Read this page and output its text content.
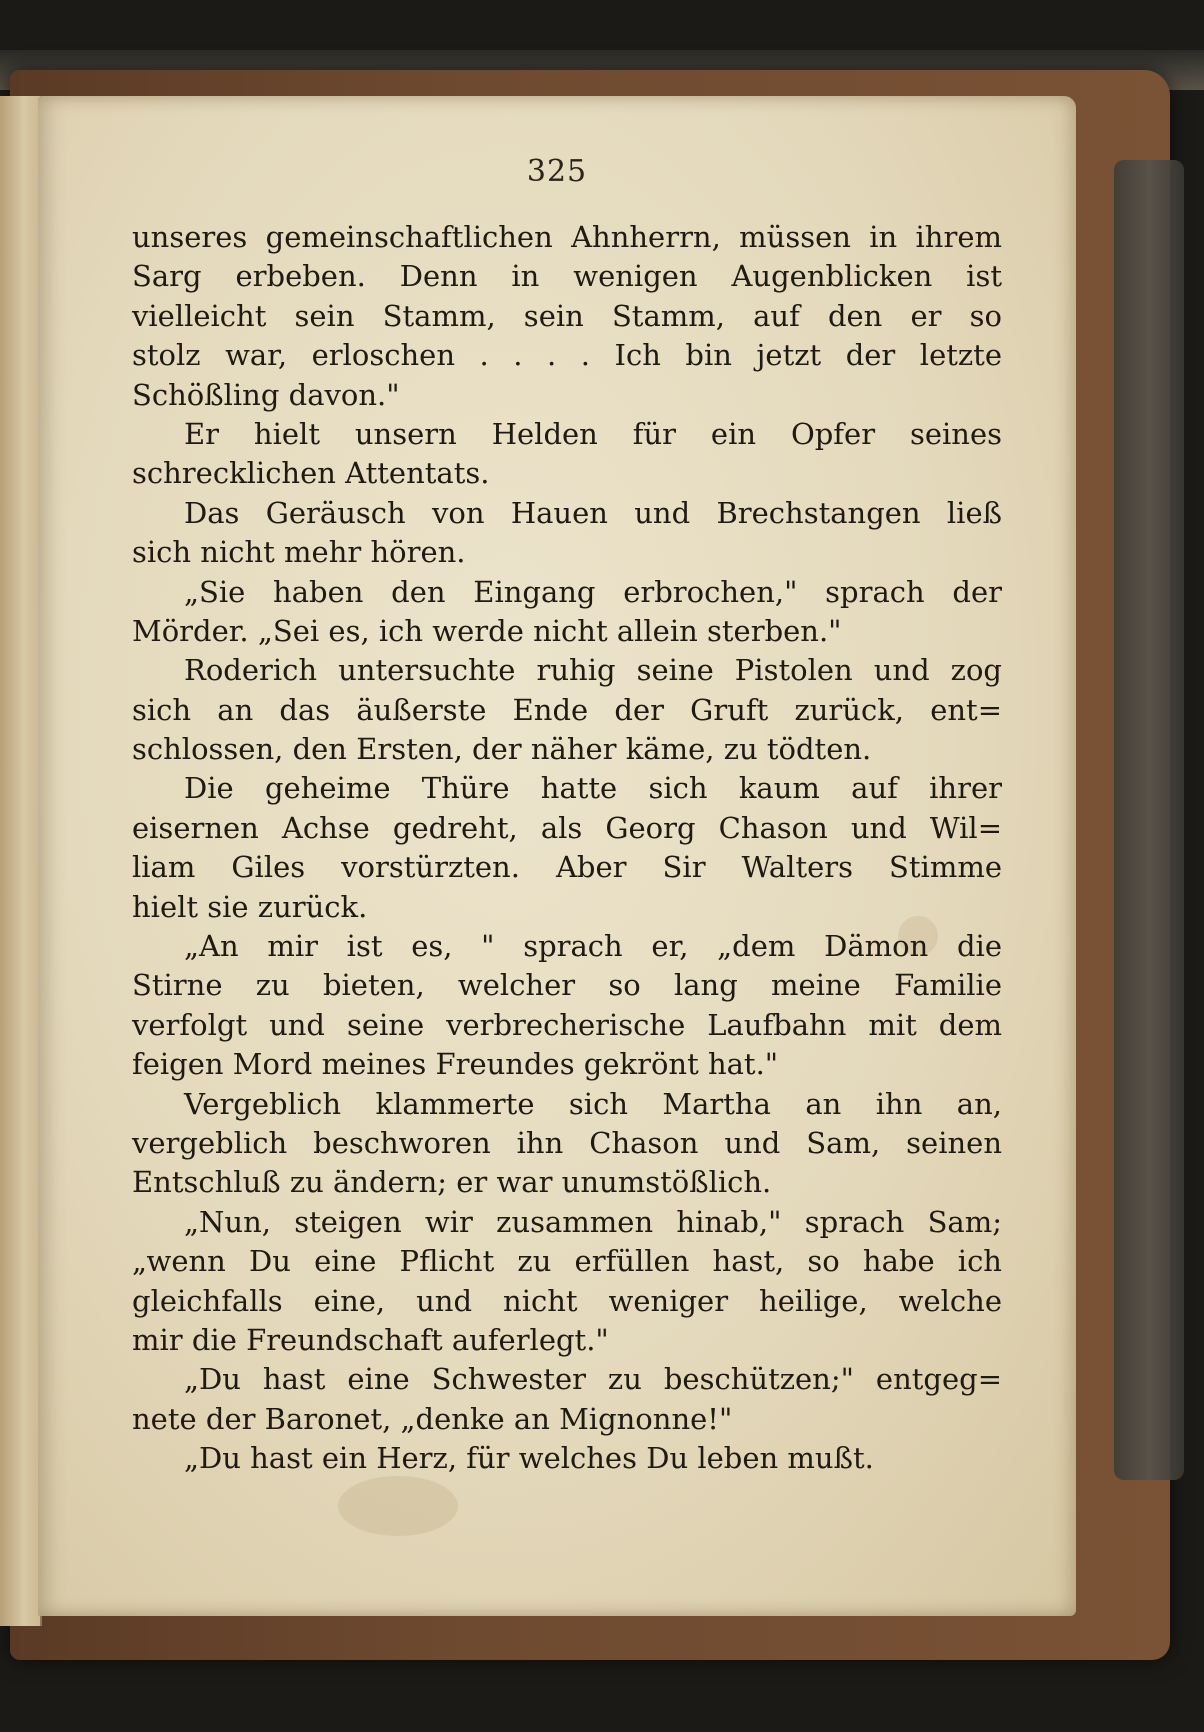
325
unseres gemeinschaftlichen Ahnherrn, müssen in ihrem
Sarg erbeben. Denn in wenigen Augenblicken ist
vielleicht sein Stamm, sein Stamm, auf den er so
stolz war, erloschen . . . . Ich bin jetzt der letzte
Schößling davon."
Er hielt unsern Helden für ein Opfer seines
schrecklichen Attentats.
Das Geräusch von Hauen und Brechstangen ließ
sich nicht mehr hören.
„Sie haben den Eingang erbrochen," sprach der
Mörder. „Sei es, ich werde nicht allein sterben."
Roderich untersuchte ruhig seine Pistolen und zog
sich an das äußerste Ende der Gruft zurück, ent=
schlossen, den Ersten, der näher käme, zu tödten.
Die geheime Thüre hatte sich kaum auf ihrer
eisernen Achse gedreht, als Georg Chason und Wil=
liam Giles vorstürzten. Aber Sir Walters Stimme
hielt sie zurück.
„An mir ist es, " sprach er, „dem Dämon die
Stirne zu bieten, welcher so lang meine Familie
verfolgt und seine verbrecherische Laufbahn mit dem
feigen Mord meines Freundes gekrönt hat."
Vergeblich klammerte sich Martha an ihn an,
vergeblich beschworen ihn Chason und Sam, seinen
Entschluß zu ändern; er war unumstößlich.
„Nun, steigen wir zusammen hinab," sprach Sam;
„wenn Du eine Pflicht zu erfüllen hast, so habe ich
gleichfalls eine, und nicht weniger heilige, welche
mir die Freundschaft auferlegt."
„Du hast eine Schwester zu beschützen;" entgeg=
nete der Baronet, „denke an Mignonne!"
„Du hast ein Herz, für welches Du leben mußt.
